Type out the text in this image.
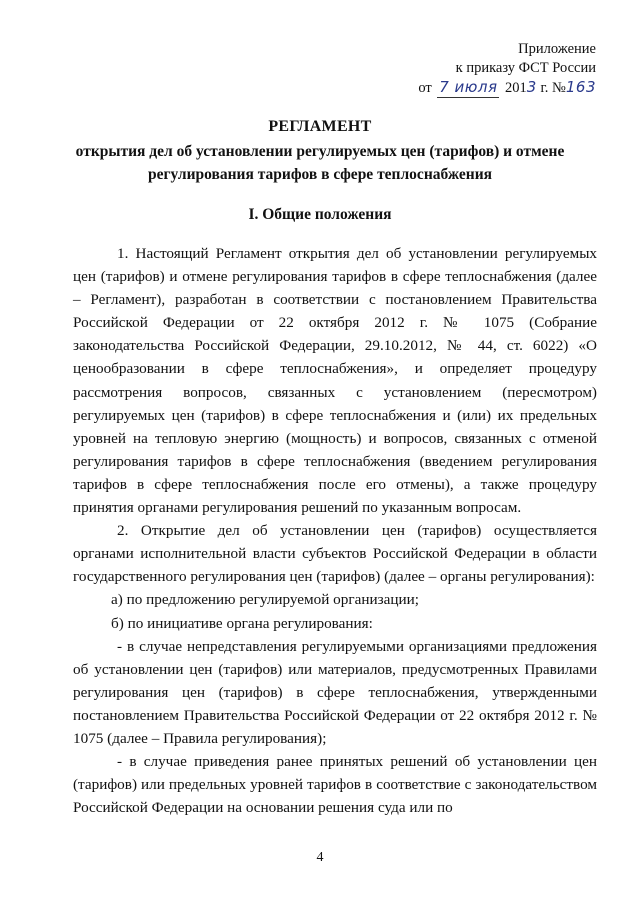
Приложение
к приказу ФСТ России
от 7 июля 2013 г. №163
РЕГЛАМЕНТ
открытия дел об установлении регулируемых цен (тарифов) и отмене
регулирования тарифов в сфере теплоснабжения
I. Общие положения

1. Настоящий Регламент открытия дел об установлении регулируемых цен (тарифов) и отмене регулирования тарифов в сфере теплоснабжения (далее – Регламент), разработан в соответствии с постановлением Правительства Российской Федерации от 22 октября 2012 г. № 1075 (Собрание законодательства Российской Федерации, 29.10.2012, № 44, ст. 6022) «О ценообразовании в сфере теплоснабжения», и определяет процедуру рассмотрения вопросов, связанных с установлением (пересмотром) регулируемых цен (тарифов) в сфере теплоснабжения и (или) их предельных уровней на тепловую энергию (мощность) и вопросов, связанных с отменой регулирования тарифов в сфере теплоснабжения (введением регулирования тарифов в сфере теплоснабжения после его отмены), а также процедуру принятия органами регулирования решений по указанным вопросам.

2. Открытие дел об установлении цен (тарифов) осуществляется органами исполнительной власти субъектов Российской Федерации в области государственного регулирования цен (тарифов) (далее – органы регулирования):

а) по предложению регулируемой организации;

б) по инициативе органа регулирования:

- в случае непредставления регулируемыми организациями предложения об установлении цен (тарифов) или материалов, предусмотренных Правилами регулирования цен (тарифов) в сфере теплоснабжения, утвержденными постановлением Правительства Российской Федерации от 22 октября 2012 г. № 1075 (далее – Правила регулирования);

- в случае приведения ранее принятых решений об установлении цен (тарифов) или предельных уровней тарифов в соответствие с законодательством Российской Федерации на основании решения суда или по

4
